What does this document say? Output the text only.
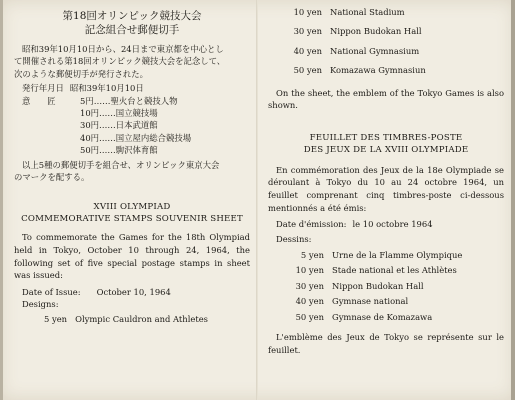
第18回オリンピック競技大会
記念組合せ郵便切手
昭和39年10月10日から、24日まで東京都を中心とし
て開催される第18回オリンピック競技大会を記念して、
次のような郵便切手が発行された。
発行年月日 昭和39年10月10日
意　　匠	5円……聖火台と競技人物
10円……国立競技場
30円……日本武道館
40円……国立屋内総合競技場
50円……駒沢体育館
以上5種の郵便切手を組合せ、オリンピック東京大会
のマークを配する。
XVIII OLYMPIAD
COMMEMORATIVE STAMPS SOUVENIR SHEET

To commemorate the Games for the 18th Olympiad held in Tokyo, October 10 through 24, 1964, the following set of five special postage stamps in sheet was issued:

Date of Issue:	October 10, 1964
Designs:
5 yen Olympic Cauldron and Athletes
10 yen National Stadium
30 yen Nippon Budokan Hall
40 yen National Gymnasium
50 yen Komazawa Gymnasiun

On the sheet, the emblem of the Tokyo Games is also shown.

FEUILLET DES TIMBRES-POSTE
DES JEUX DE LA XVIII OLYMPIADE

En commémoration des Jeux de la 18e Olympiade se déroulant à Tokyo du 10 au 24 octobre 1964, un feuillet comprenant cinq timbres-poste ci-dessous mentionnés a été émis:

Date d'émission: le 10 octobre 1964
Dessins:
5 yen Urne de la Flamme Olympique
10 yen Stade national et les Athlètes
30 yen Nippon Budokan Hall
40 yen Gymnase national
50 yen Gymnase de Komazawa

L'emblème des Jeux de Tokyo se représente sur le feuillet.
